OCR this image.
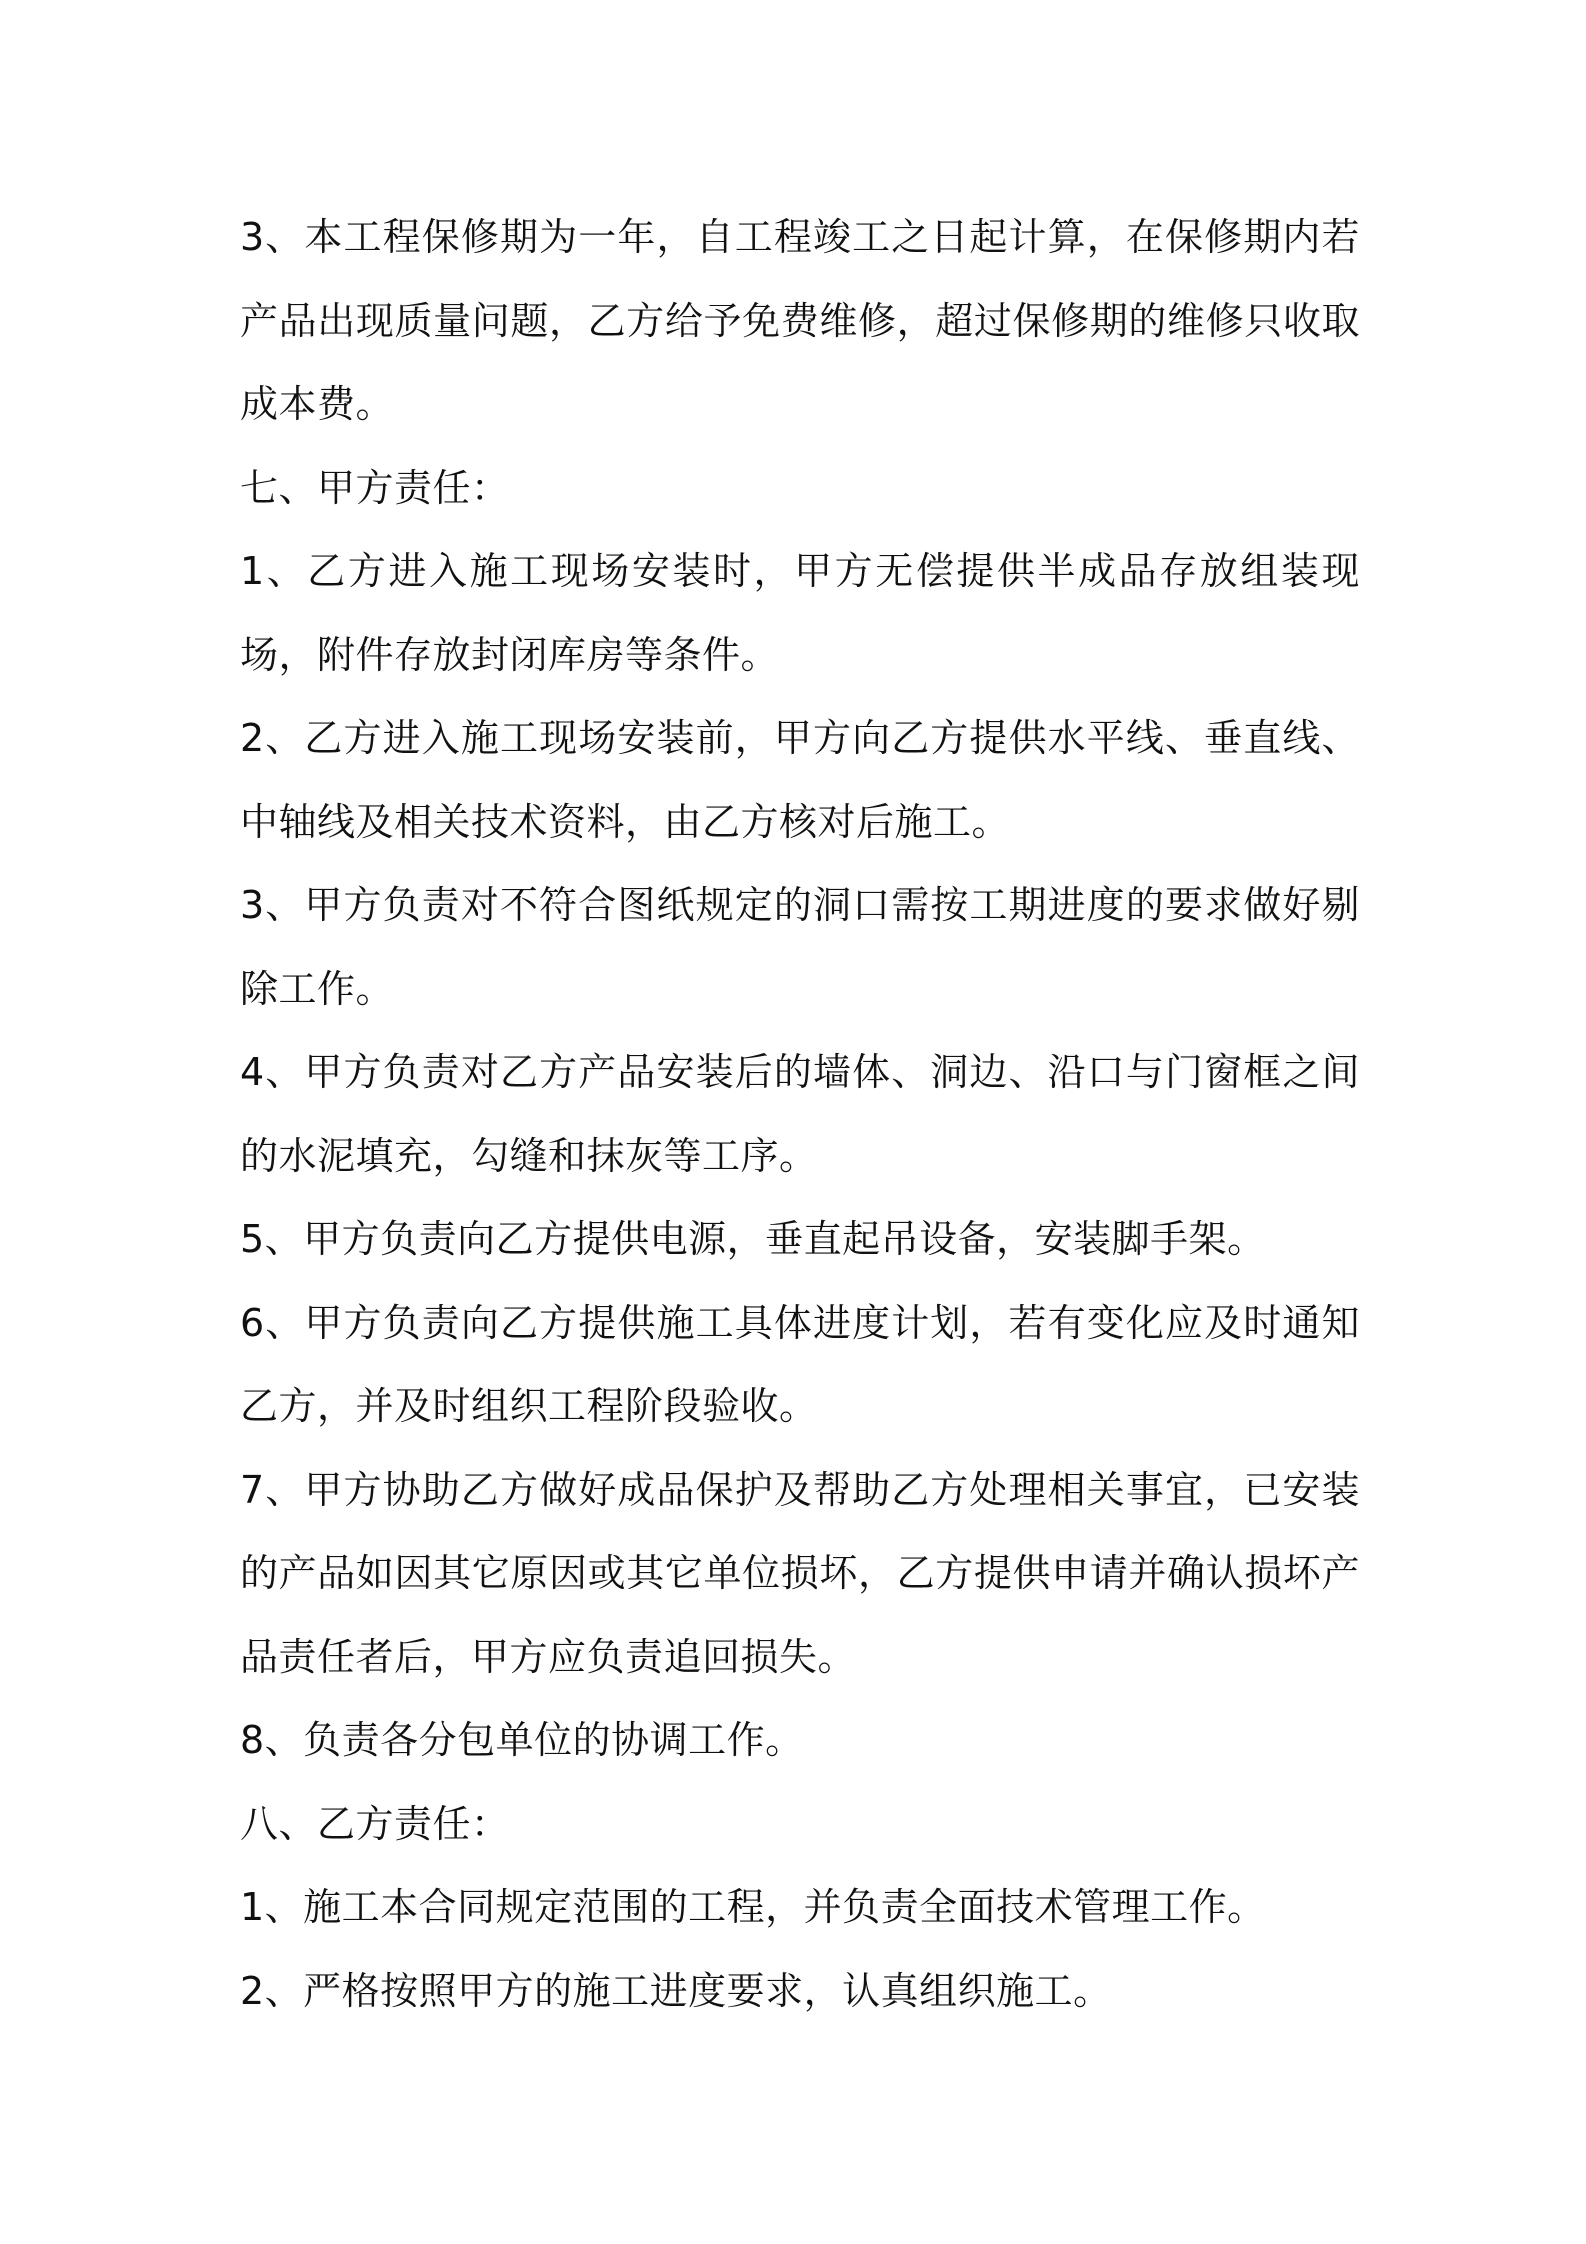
3、本工程保修期为一年，自工程竣工之日起计算，在保修期内若产品出现质量问题，乙方给予免费维修，超过保修期的维修只收取成本费。

七、甲方责任：

1、乙方进入施工现场安装时，甲方无偿提供半成品存放组装现场，附件存放封闭库房等条件。

2、乙方进入施工现场安装前，甲方向乙方提供水平线、垂直线、中轴线及相关技术资料，由乙方核对后施工。

3、甲方负责对不符合图纸规定的洞口需按工期进度的要求做好剔除工作。

4、甲方负责对乙方产品安装后的墙体、洞边、沿口与门窗框之间的水泥填充，勾缝和抹灰等工序。

5、甲方负责向乙方提供电源，垂直起吊设备，安装脚手架。

6、甲方负责向乙方提供施工具体进度计划，若有变化应及时通知乙方，并及时组织工程阶段验收。

7、甲方协助乙方做好成品保护及帮助乙方处理相关事宜，已安装的产品如因其它原因或其它单位损坏，乙方提供申请并确认损坏产品责任者后，甲方应负责追回损失。

8、负责各分包单位的协调工作。

八、乙方责任：

1、施工本合同规定范围的工程，并负责全面技术管理工作。

2、严格按照甲方的施工进度要求，认真组织施工。
